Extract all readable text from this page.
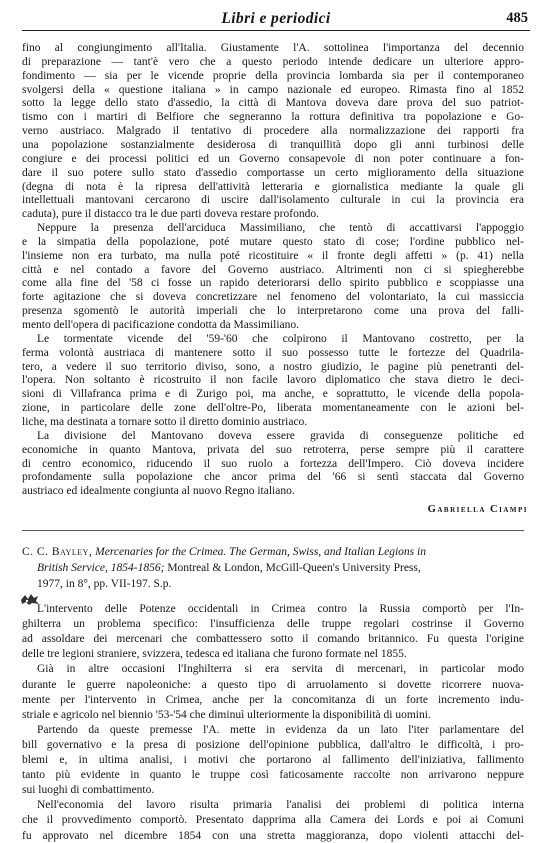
Libri e periodici	485
fino al congiungimento all'Italia. Giustamente l'A. sottolinea l'importanza del decennio
di preparazione — tant'è vero che a questo periodo intende dedicare un ulteriore appro-
fondimento — sia per le vicende proprie della provincia lombarda sia per il contemporaneo
svolgersi della « questione italiana » in campo nazionale ed europeo. Rimasta fino al 1852
sotto la legge dello stato d'assedio, la città di Mantova doveva dare prova del suo patriot-
tismo con i martiri di Belfiore che segneranno la rottura definitiva tra popolazione e Go-
verno austriaco. Malgrado il tentativo di procedere alla normalizzazione dei rapporti fra
una popolazione sostanzialmente desiderosa di tranquillità dopo gli anni turbinosi delle
congiure e dei processi politici ed un Governo consapevole di non poter continuare a fon-
dare il suo potere sullo stato d'assedio comportasse un certo miglioramento della situazione
(degna di nota è la ripresa dell'attività letteraria e giornalistica mediante la quale gli
intellettuali mantovani cercarono di uscire dall'isolamento culturale in cui la provincia era
caduta), pure il distacco tra le due parti doveva restare profondo.
Neppure la presenza dell'arciduca Massimiliano, che tentò di accattivarsi l'appoggio
e la simpatia della popolazione, poté mutare questo stato di cose; l'ordine pubblico nel-
l'insieme non era turbato, ma nulla poté ricostituire « il fronte degli affetti » (p. 41) nella
città e nel contado a favore del Governo austriaco. Altrimenti non ci si spiegherebbe
come alla fine del '58 ci fosse un rapido deteriorarsi dello spirito pubblico e scoppiasse una
forte agitazione che si doveva concretizzare nel fenomeno del volontariato, la cui massiccia
presenza sgomentò le autorità imperiali che lo interpretarono come una prova del falli-
mento dell'opera di pacificazione condotta da Massimiliano.
Le tormentate vicende del '59-'60 che colpirono il Mantovano costretto, per la
ferma volontà austriaca di mantenere sotto il suo possesso tutte le fortezze del Quadrila-
tero, a vedere il suo territorio diviso, sono, a nostro giudizio, le pagine più penetranti del-
l'opera. Non soltanto è ricostruito il non facile lavoro diplomatico che stava dietro le deci-
sioni di Villafranca prima e di Zurigo poi, ma anche, e soprattutto, le vicende della popola-
zione, in particolare delle zone dell'oltre-Po, liberata momentaneamente con le azioni bel-
liche, ma destinata a tornare sotto il diretto dominio austriaco.
La divisione del Mantovano doveva essere gravida di conseguenze politiche ed
economiche in quanto Mantova, privata del suo retroterra, perse sempre più il carattere
di centro economico, riducendo il suo ruolo a fortezza dell'Impero. Ciò doveva incidere
profondamente sulla popolazione che ancor prima del '66 si sentì staccata dal Governo
austriaco ed idealmente congiunta al nuovo Regno italiano.
Gabriella Ciampi
C. C. Bayley, Mercenaries for the Crimea. The German, Swiss, and Italian Legions in
British Service, 1854-1856; Montreal & London, McGill-Queen's University Press,
1977, in 8°, pp. VII-197. S.p.
L'intervento delle Potenze occidentali in Crimea contro la Russia comportò per l'In-
ghilterra un problema specifico: l'insufficienza delle truppe regolari costrinse il Governo
ad assoldare dei mercenari che combattessero sotto il comando britannico. Fu questa l'origine
delle tre legioni straniere, svizzera, tedesca ed italiana che furono formate nel 1855.
Già in altre occasioni l'Inghilterra si era servita di mercenari, in particolar modo
durante le guerre napoleoniche: a questo tipo di arruolamento si dovette ricorrere nuova-
mente per l'intervento in Crimea, anche per la concomitanza di un forte incremento indu-
striale e agricolo nel biennio '53-'54 che diminuì ulteriormente la disponibilità di uomini.
Partendo da queste premesse l'A. mette in evidenza da un lato l'iter parlamentare del
bill governativo e la presa di posizione dell'opinione pubblica, dall'altro le difficoltà, i pro-
blemi e, in ultima analisi, i motivi che portarono al fallimento dell'iniziativa, fallimento
tanto più evidente in quanto le truppe così faticosamente raccolte non arrivarono neppure
sui luoghi di combattimento.
Nell'economia del lavoro risulta primaria l'analisi dei problemi di politica interna
che il provvedimento comportò. Presentato dapprima alla Camera dei Lords e poi ai Comuni
fu approvato nel dicembre 1854 con una stretta maggioranza, dopo violenti attacchi del-
